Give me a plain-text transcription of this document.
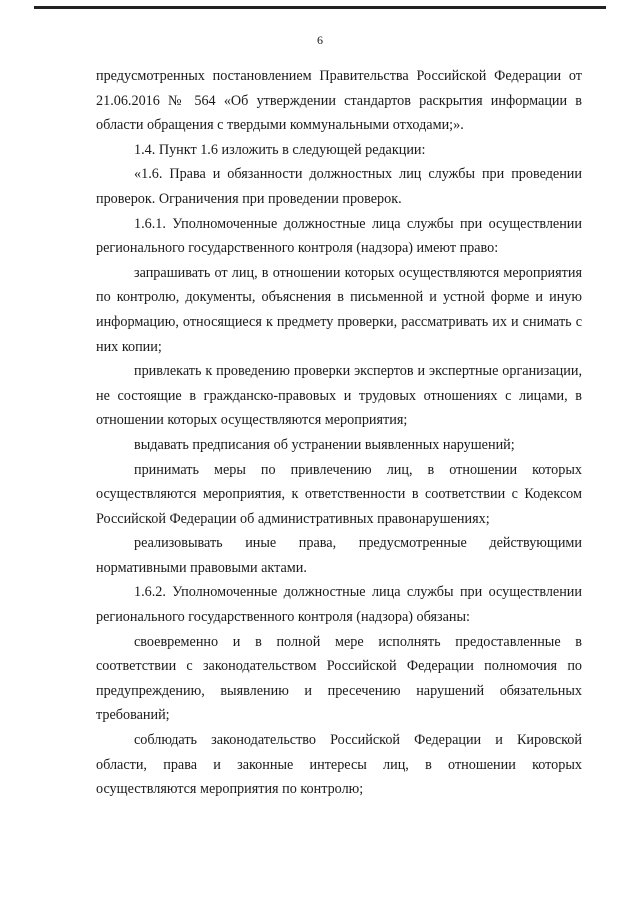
6

предусмотренных постановлением Правительства Российской Федерации от 21.06.2016 № 564 «Об утверждении стандартов раскрытия информации в области обращения с твердыми коммунальными отходами;».

1.4. Пункт 1.6 изложить в следующей редакции:

«1.6. Права и обязанности должностных лиц службы при проведении проверок. Ограничения при проведении проверок.

1.6.1. Уполномоченные должностные лица службы при осуществлении регионального государственного контроля (надзора) имеют право:

запрашивать от лиц, в отношении которых осуществляются мероприятия по контролю, документы, объяснения в письменной и устной форме и иную информацию, относящиеся к предмету проверки, рассматривать их и снимать с них копии;

привлекать к проведению проверки экспертов и экспертные организации, не состоящие в гражданско-правовых и трудовых отношениях с лицами, в отношении которых осуществляются мероприятия;

выдавать предписания об устранении выявленных нарушений;

принимать меры по привлечению лиц, в отношении которых осуществляются мероприятия, к ответственности в соответствии с Кодексом Российской Федерации об административных правонарушениях;

реализовывать иные права, предусмотренные действующими нормативными правовыми актами.

1.6.2. Уполномоченные должностные лица службы при осуществлении регионального государственного контроля (надзора) обязаны:

своевременно и в полной мере исполнять предоставленные в соответствии с законодательством Российской Федерации полномочия по предупреждению, выявлению и пресечению нарушений обязательных требований;

соблюдать законодательство Российской Федерации и Кировской области, права и законные интересы лиц, в отношении которых осуществляются мероприятия по контролю;
